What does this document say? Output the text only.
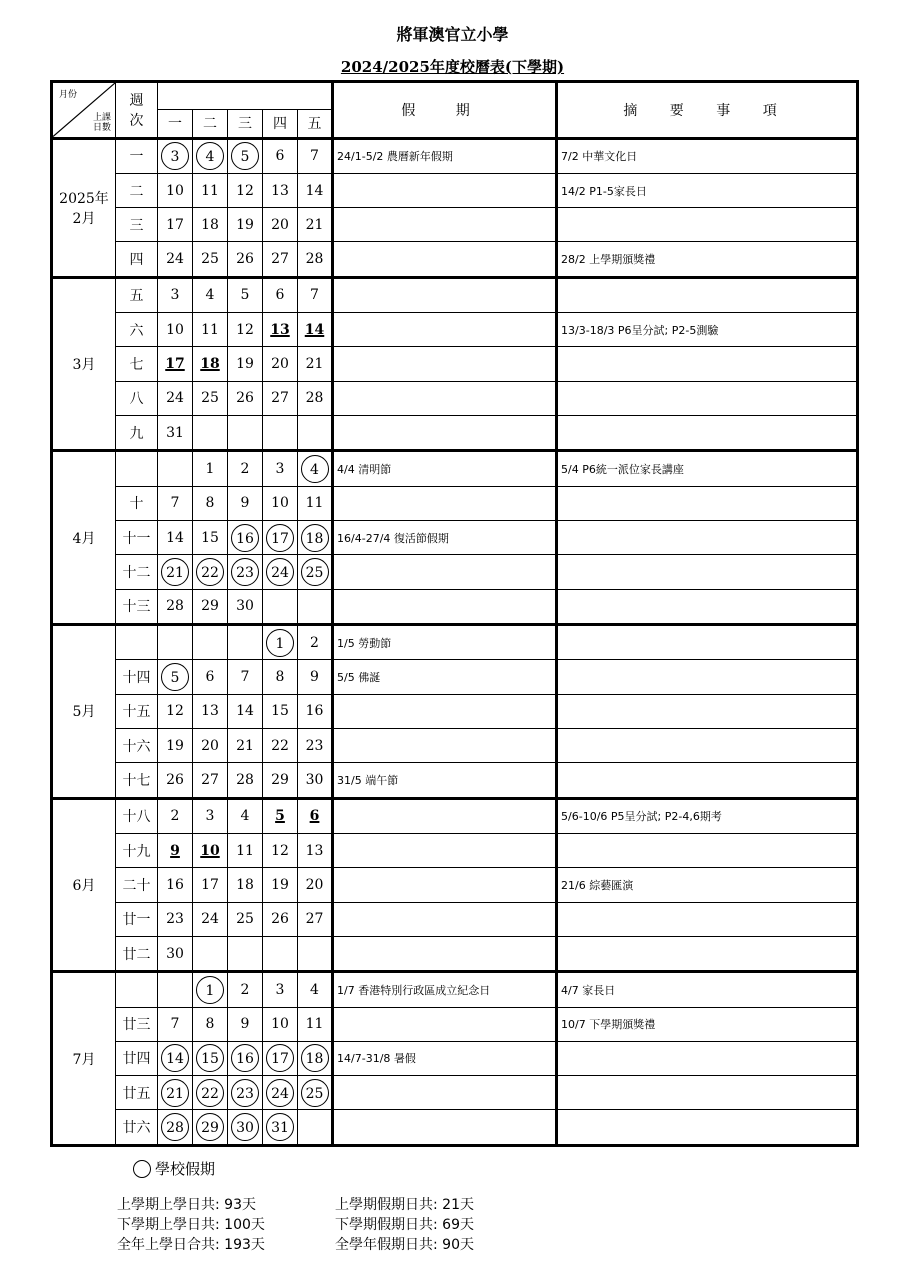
將軍澳官立小學
2024/2025年度校曆表(下學期)
月份
上課
日數	週
次						假 期	摘 要 事 項
		一	二	三	四	五		
2025年
2月	一	3	4	5	6	7	24/1-5/2 農曆新年假期	7/2 中華文化日
	二	10	11	12	13	14		14/2 P1-5家長日
	三	17	18	19	20	21		
	四	24	25	26	27	28		28/2 上學期頒獎禮
3月	五	3	4	5	6	7		
	六	10	11	12	13	14		13/3-18/3 P6呈分試; P2-5測驗
	七	17	18	19	20	21		
	八	24	25	26	27	28		
	九	31						
4月			1	2	3	4	4/4 清明節	5/4 P6統一派位家長講座
	十	7	8	9	10	11		
	十一	14	15	16	17	18	16/4-27/4 復活節假期	
	十二	21	22	23	24	25		
	十三	28	29	30				
5月					1	2	1/5 勞動節	
	十四	5	6	7	8	9	5/5 佛誕	
	十五	12	13	14	15	16		
	十六	19	20	21	22	23		
	十七	26	27	28	29	30	31/5 端午節	
6月	十八	2	3	4	5	6		5/6-10/6 P5呈分試; P2-4,6期考
	十九	9	10	11	12	13		
	二十	16	17	18	19	20		21/6 綜藝匯演
	廿一	23	24	25	26	27		
	廿二	30						
7月			1	2	3	4	1/7 香港特別行政區成立紀念日	4/7 家長日
	廿三	7	8	9	10	11		10/7 下學期頒獎禮
	廿四	14	15	16	17	18	14/7-31/8 暑假	
	廿五	21	22	23	24	25		
	廿六	28	29	30	31			
學校假期
上學期上學日共: 93天
下學期上學日共: 100天
全年上學日合共: 193天
上學期假期日共: 21天
下學期假期日共: 69天
全學年假期日共: 90天
